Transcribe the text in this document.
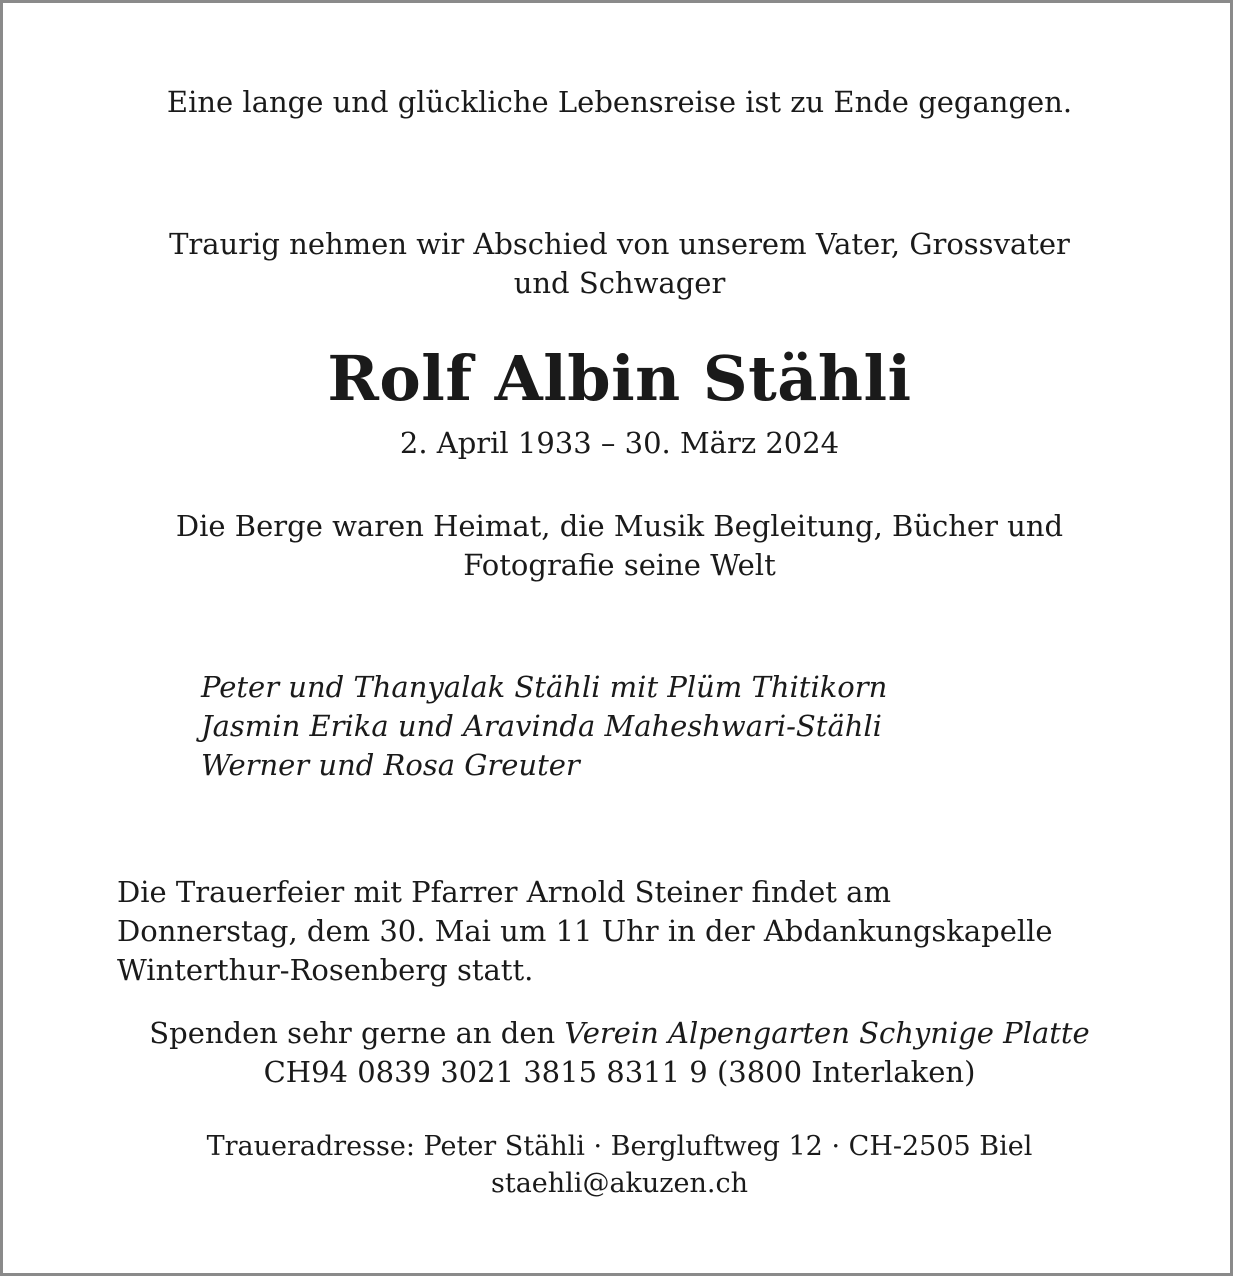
Eine lange und glückliche Lebensreise ist zu Ende gegangen.
Traurig nehmen wir Abschied von unserem Vater, Grossvater
und Schwager
Rolf Albin Stähli
2. April 1933 – 30. März 2024
Die Berge waren Heimat, die Musik Begleitung, Bücher und
Fotografie seine Welt
Peter und Thanyalak Stähli mit Plüm Thitikorn
Jasmin Erika und Aravinda Maheshwari-Stähli
Werner und Rosa Greuter
Die Trauerfeier mit Pfarrer Arnold Steiner findet am
Donnerstag, dem 30. Mai um 11 Uhr in der Abdankungskapelle
Winterthur-Rosenberg statt.
Spenden sehr gerne an den Verein Alpengarten Schynige Platte
CH94 0839 3021 3815 8311 9 (3800 Interlaken)
Traueradresse: Peter Stähli · Bergluftweg 12 · CH-2505 Biel
staehli@akuzen.ch
